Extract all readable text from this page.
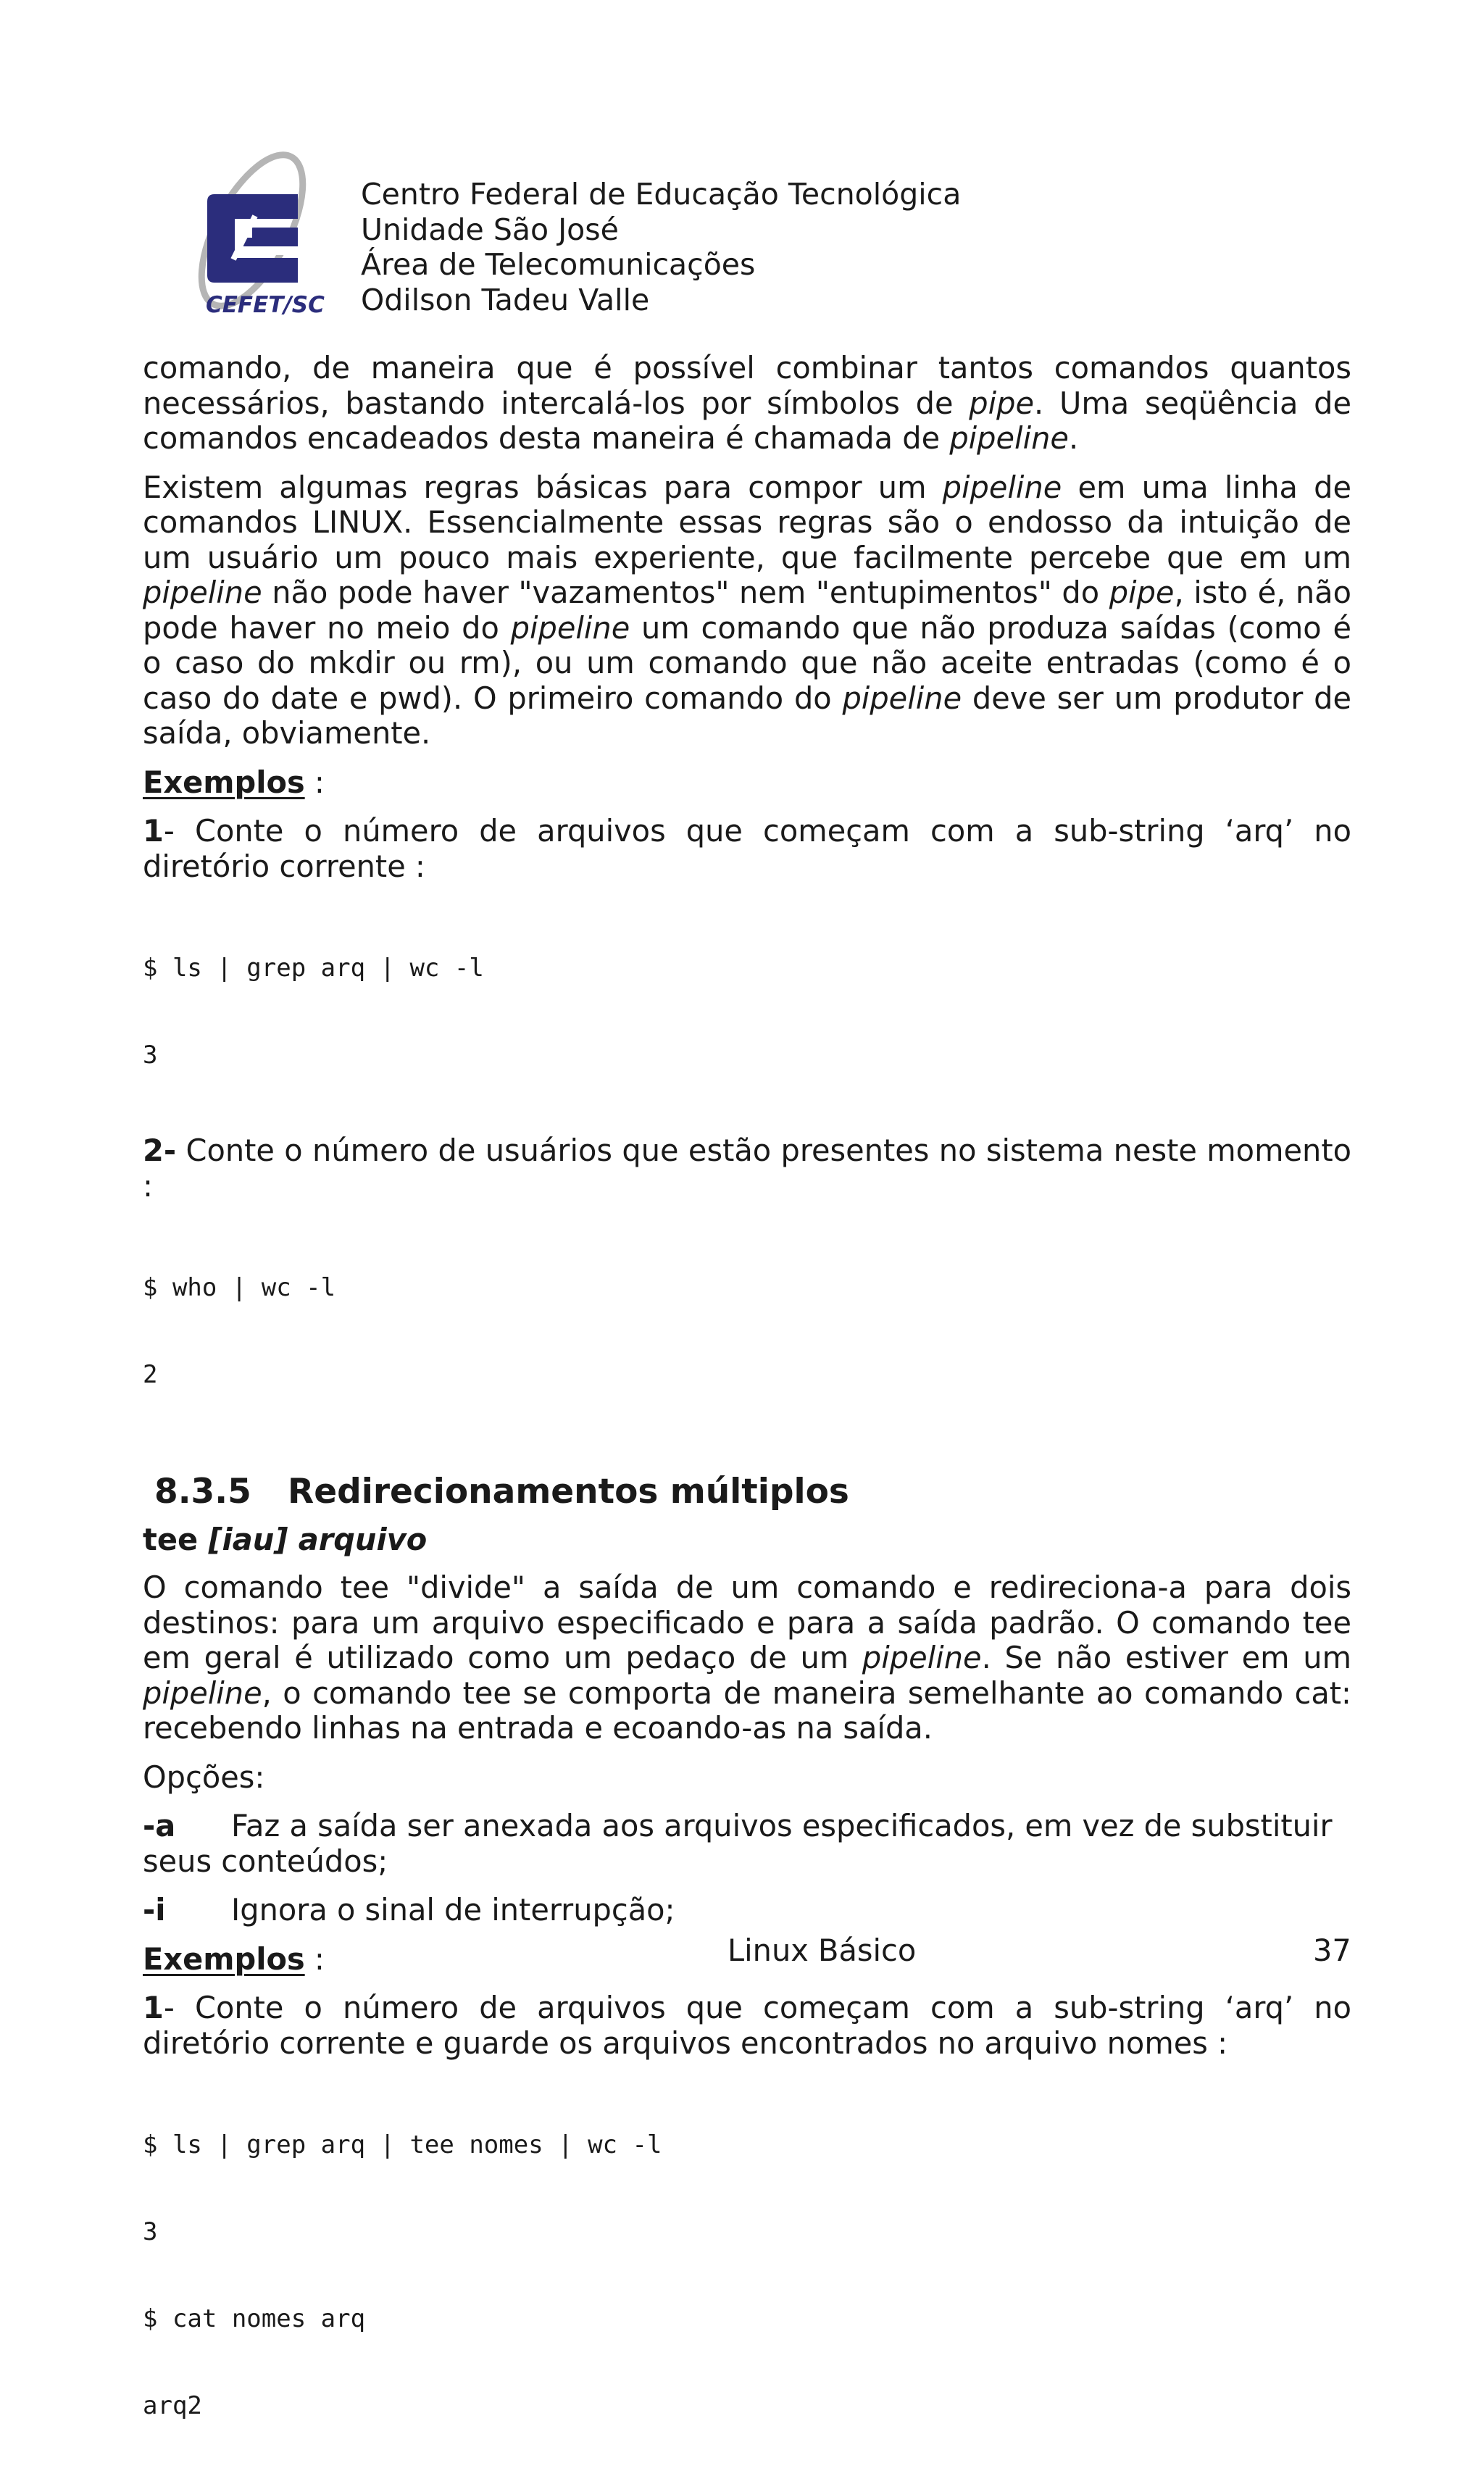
CEFET/SC
Centro Federal de Educação Tecnológica
Unidade São José
Área de Telecomunicações
Odilson Tadeu Valle

comando, de maneira que é possível combinar tantos comandos quantos necessários, bastando intercalá-los por símbolos de pipe. Uma seqüência de comandos encadeados desta maneira é chamada de pipeline.

Existem algumas regras básicas para compor um pipeline em uma linha de comandos LINUX. Essencialmente essas regras são o endosso da intuição de um usuário um pouco mais experiente, que facilmente percebe que em um pipeline não pode haver "vazamentos" nem "entupimentos" do pipe, isto é, não pode haver no meio do pipeline um comando que não produza saídas (como é o caso do mkdir ou rm), ou um comando que não aceite entradas (como é o caso do date e pwd). O primeiro comando do pipeline deve ser um produtor de saída, obviamente.

Exemplos :

1- Conte o número de arquivos que começam com a sub-string ‘arq’ no diretório corrente :

$ ls | grep arq | wc -l

3

2- Conte o número de usuários que estão presentes no sistema neste momento :

$ who | wc -l

2

8.3.5 Redirecionamentos múltiplos
tee [iau] arquivo

O comando tee "divide" a saída de um comando e redireciona-a para dois destinos: para um arquivo especificado e para a saída padrão. O comando tee em geral é utilizado como um pedaço de um pipeline. Se não estiver em um pipeline, o comando tee se comporta de maneira semelhante ao comando cat: recebendo linhas na entrada e ecoando-as na saída.

Opções:
-a Faz a saída ser anexada aos arquivos especificados, em vez de substituir seus conteúdos;
-i Ignora o sinal de interrupção;
Exemplos :

1- Conte o número de arquivos que começam com a sub-string ‘arq’ no diretório corrente e guarde os arquivos encontrados no arquivo nomes :

$ ls | grep arq | tee nomes | wc -l

3

$ cat nomes arq

arq2

Linux Básico	37
